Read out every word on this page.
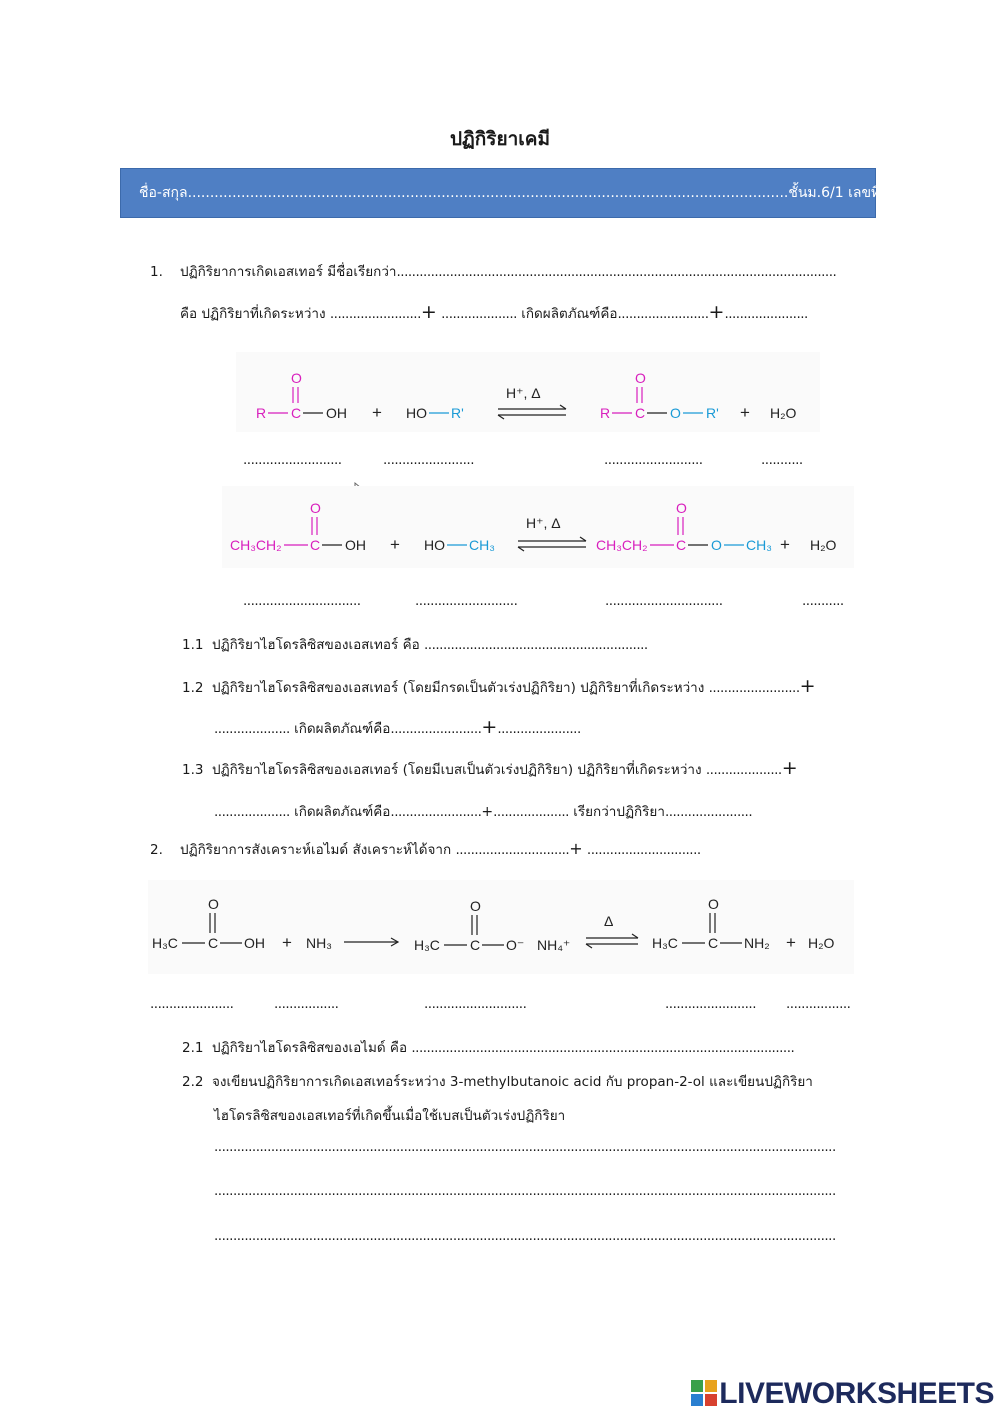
ปฏิกิริยาเคมี
ชื่อ-สกุล.......................................................................................................................................ชั้นม.6/1 เลขที่................
1. ปฏิกิริยาการเกิดเอสเทอร์ มีชื่อเรียกว่า....................................................................................................................
คือ ปฏิกิริยาที่เกิดระหว่าง ........................+ .................... เกิดผลิตภัณฑ์คือ........................+......................
R C
O
OH + HO R'
H⁺, Δ
R C
O
O R' + H₂O
..........................	........................	..........................	...........
CH₃CH₂ C
O
OH + HO CH₃
H⁺, Δ
CH₃CH₂ C
O
O CH₃ + H₂O
...............................	...........................	...............................	...........
1.1 ปฏิกิริยาไฮโดรลิซิสของเอสเทอร์ คือ ...........................................................
1.2 ปฏิกิริยาไฮโดรลิซิสของเอสเทอร์ (โดยมีกรดเป็นตัวเร่งปฏิกิริยา) ปฏิกิริยาที่เกิดระหว่าง ........................+
.................... เกิดผลิตภัณฑ์คือ........................+......................
1.3 ปฏิกิริยาไฮโดรลิซิสของเอสเทอร์ (โดยมีเบสเป็นตัวเร่งปฏิกิริยา) ปฏิกิริยาที่เกิดระหว่าง ....................+
.................... เกิดผลิตภัณฑ์คือ........................+.................... เรียกว่าปฏิกิริยา.......................
2. ปฏิกิริยาการสังเคราะห์เอไมด์ สังเคราะห์ได้จาก ..............................+ ..............................
H₃C C
O
OH + NH₃	H₃C C
O
O⁻ NH₄⁺
Δ
H₃C C
O
NH₂ + H₂O
......................	.................	...........................	........................ .................
2.1 ปฏิกิริยาไฮโดรลิซิสของเอไมด์ คือ .....................................................................................................
2.2 จงเขียนปฏิกิริยาการเกิดเอสเทอร์ระหว่าง 3-methylbutanoic acid กับ propan-2-ol และเขียนปฏิกิริยา
ไฮโดรลิซิสของเอสเทอร์ที่เกิดขึ้นเมื่อใช้เบสเป็นตัวเร่งปฏิกิริยา
....................................................................................................................................................................
....................................................................................................................................................................
....................................................................................................................................................................
LIVEWORKSHEETS
